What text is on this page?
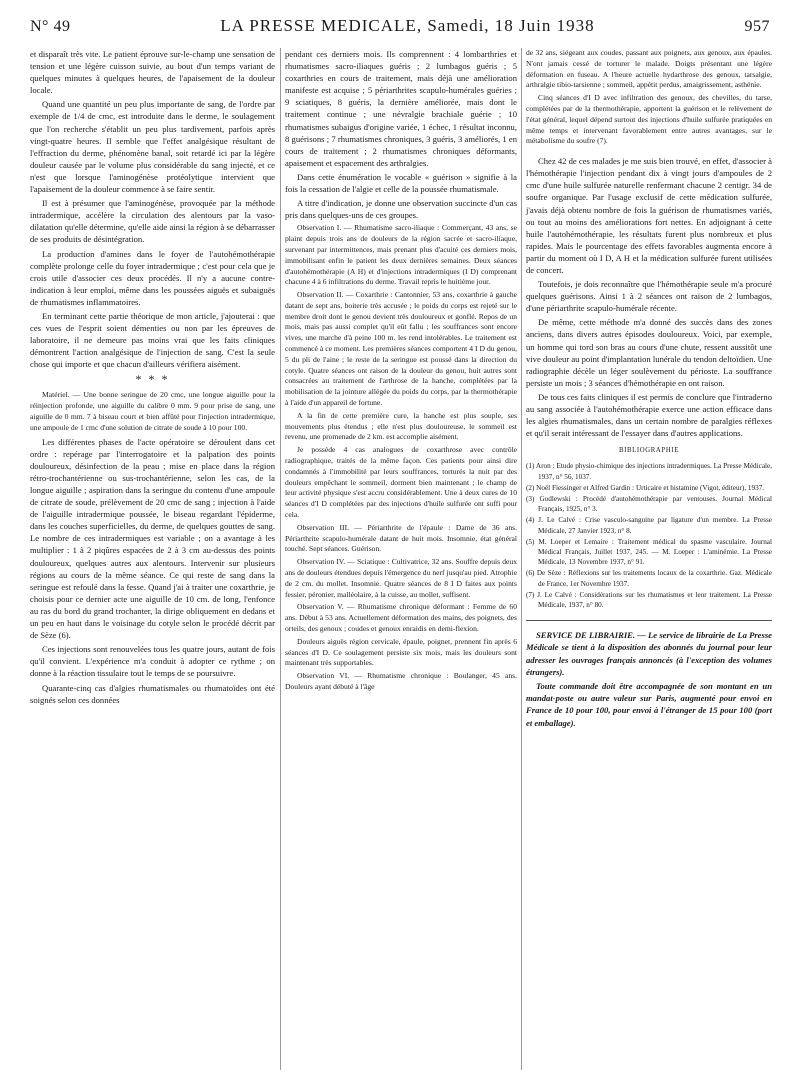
N° 49	LA PRESSE MEDICALE, Samedi, 18 Juin 1938	957

et disparaît très vite. Le patient éprouve sur-le-champ une sensation de tension et une légère cuisson suivie, au bout d'un temps variant de quelques minutes à quelques heures, de l'apaisement de la douleur locale.

Quand une quantité un peu plus importante de sang, de l'ordre par exemple de 1/4 de cmc, est introduite dans le derme, le soulagement que l'on recherche s'établit un peu plus tardivement, parfois après vingt-quatre heures. Il semble que l'effet analgésique résultant de l'effraction du derme, phénomène banal, soit retardé ici par la légère douleur causée par le volume plus considérable du sang injecté, et ce n'est que lorsque l'aminogénèse protéolytique intervient que l'apaisement de la douleur commence à se faire sentir.

Il est à présumer que l'aminogénèse, provoquée par la méthode intradermique, accélère la circulation des alentours par la vaso-dilatation qu'elle détermine, qu'elle aide ainsi la région à se débarrasser de ses produits de désintégration.

La production d'amines dans le foyer de l'autohémothérapie complète prolonge celle du foyer intradermique ; c'est pour cela que je crois utile d'associer ces deux procédés. Il n'y a aucune contre-indication à leur emploi, même dans les poussées aiguës et subaiguës de rhumatismes inflammatoires.

En terminant cette partie théorique de mon article, j'ajouterai : que ces vues de l'esprit soient démenties ou non par les épreuves de laboratoire, il ne demeure pas moins vrai que les faits cliniques démontrent l'action analgésique de l'injection de sang. C'est la seule chose qui importe et que chacun d'ailleurs vérifiera aisément.

* * *

Matériel. — Une bonne seringue de 20 cmc, une longue aiguille pour la réinjection profonde, une aiguille du calibre 0 mm. 9 pour prise de sang, une aiguille de 0 mm. 7 à biseau court et bien affûté pour l'injection intradermique, une ampoule de 1 cmc d'une solution de citrate de soude à 10 pour 100.

Les différentes phases de l'acte opératoire se déroulent dans cet ordre : repérage par l'interrogatoire et la palpation des points douloureux, désinfection de la peau ; mise en place dans la région rétro-trochantérienne ou sus-trochantérienne, selon les cas, de la longue aiguille ; aspiration dans la seringue du contenu d'une ampoule de citrate de soude, prélèvement de 20 cmc de sang ; injection à l'aide de l'aiguille intradermique poussée, le biseau regardant l'épiderme, dans les couches superficielles, du derme, de quelques gouttes de sang. Le nombre de ces intradermiques est variable ; on a avantage à les multiplier : 1 à 2 piqûres espacées de 2 à 3 cm au-dessus des points douloureux, quelques autres aux alentours. Intervenir sur plusieurs régions au cours de la même séance. Ce qui reste de sang dans la seringue est refoulé dans la fesse. Quand j'ai à traiter une coxarthrie, je choisis pour ce dernier acte une aiguille de 10 cm. de long, l'enfonce au ras du bord du grand trochanter, la dirige obliquement en dedans et un peu en haut dans le voisinage du cotyle selon le procédé décrit par de Sèze (6).

Ces injections sont renouvelées tous les quatre jours, autant de fois qu'il convient. L'expérience m'a conduit à adopter ce rythme ; on donne à la réaction tissulaire tout le temps de se poursuivre.

Quarante-cinq cas d'algies rhumatismales ou rhumatoïdes ont été soignés selon ces données

pendant ces derniers mois. Ils comprennent : 4 lombarthries et rhumatismes sacro-iliaques guéris ; 2 lumbagos guéris ; 5 coxarthries en cours de traitement, mais déjà une amélioration manifeste est acquise ; 5 périarthrites scapulo-humérales guéries ; 9 sciatiques, 8 guéris, la dernière améliorée, mais dont le traitement continue ; une névralgie brachiale guérie ; 10 rhumatismes subaigus d'origine variée, 1 échec, 1 résultat inconnu, 8 guérisons ; 7 rhumatismes chroniques, 3 guéris, 3 améliorés, 1 en cours de traitement ; 2 rhumatismes chroniques déformants, apaisement et espacement des arthralgies.

Dans cette énumération le vocable « guérison » signifie à la fois la cessation de l'algie et celle de la poussée rhumatismale.

A titre d'indication, je donne une observation succincte d'un cas pris dans quelques-uns de ces groupes.

Observation I. — Rhumatisme sacro-iliaque : Commerçant, 43 ans, se plaint depuis trois ans de douleurs de la région sacrée et sacro-iliaque, survenant par intermittences, mais prenant plus d'acuité ces derniers mois, immobilisant enfin le patient les deux dernières semaines. Deux séances d'autohémothérapie (A H) et d'injections intradermiques (I D) comprenant chacune 4 à 6 infiltrations du derme. Travail repris le huitième jour.

Observation II. — Coxarthrie : Cantonnier, 53 ans, coxarthrie à gauche datant de sept ans, boiterie très accusée ; le poids du corps est rejeté sur le membre droit dont le genou devient très douloureux et gonflé. Repos de un mois, mais pas aussi complet qu'il eût fallu ; les souffrances sont encore vives, une marche d'à peine 100 m. les rend intolérables. Le traitement est commencé à ce moment. Les premières séances comportent 4 I D du genou, 5 du pli de l'aine ; le reste de la seringue est poussé dans la direction du cotyle. Quatre séances ont raison de la douleur du genou, huit autres sont consacrées au traitement de l'arthrose de la hanche, complétées par la mobilisation de la jointure allégée du poids du corps, par la thermothérapie à l'aide d'un appareil de fortune.

A la fin de cette première cure, la hanche est plus souple, ses mouvements plus étendus ; elle n'est plus douloureuse, le sommeil est revenu, une promenade de 2 km. est accomplie aisément.

Je possède 4 cas analogues de coxarthrose avec contrôle radiographique, traités de la même façon. Ces patients pour ainsi dire condamnés à l'immobilité par leurs souffrances, torturés la nuit par des douleurs empêchant le sommeil, dorment bien maintenant ; le champ de leur activité physique s'est accru considérablement. Une à deux cures de 10 séances d'I D complétées par des injections d'huile sulfurée ont suffi pour cela.

Observation III. — Périarthrite de l'épaule : Dame de 36 ans. Périarthrite scapulo-humérale datant de huit mois. Insomnie, état général touché. Sept séances. Guérison.

Observation IV. — Sciatique : Cultivatrice, 32 ans. Souffre depuis deux ans de douleurs étendues depuis l'émergence du nerf jusqu'au pied. Atrophie de 2 cm. du mollet. Insomnie. Quatre séances de 8 I D faites aux points fessier, péronier, malléolaire, à la cuisse, au mollet, suffisent.

Observation V. — Rhumatisme chronique déformant : Femme de 60 ans. Début à 53 ans. Actuellement déformation des mains, des poignets, des orteils, des genoux ; coudes et genoux enraidis en demi-flexion.

Douleurs aiguës région cervicale, épaule, poignet, prennent fin après 6 séances d'I D. Ce soulagement persiste six mois, mais les douleurs sont maintenant très supportables.

Observation VI. — Rhumatisme chronique : Boulanger, 45 ans. Douleurs ayant débuté à l'âge

de 32 ans, siégeant aux coudes, passant aux poignets, aux genoux, aux épaules. N'ont jamais cessé de torturer le malade. Doigts présentant une légère déformation en fuseau. A l'heure actuelle hydarthrose des genoux, tarsalgie, arthralgie tibio-tarsienne ; sommeil, appétit perdus, amaigrissement, asthénie.

Cinq séances d'I D avec infiltration des genoux, des chevilles, du tarse, complétées par de la thermothérapie, apportent la guérison et le relèvement de l'état général, lequel dépend surtout des injections d'huile sulfurée pratiquées en même temps et intervenant favorablement entre autres avantages, sur le métabolisme du soufre (7).

Chez 42 de ces malades je me suis bien trouvé, en effet, d'associer à l'hémothérapie l'injection pendant dix à vingt jours d'ampoules de 2 cmc d'une huile sulfurée naturelle renfermant chacune 2 centigr. 34 de soufre organique. Par l'usage exclusif de cette médication sulfurée, j'avais déjà obtenu nombre de fois la guérison de rhumatismes variés, ou tout au moins des améliorations fort nettes. En adjoignant à cette huile l'autohémothérapie, les résultats furent plus nombreux et plus rapides. Mais le pourcentage des effets favorables augmenta encore à partir du moment où I D, A H et la médication sulfurée furent utilisées de concert.

Toutefois, je dois reconnaître que l'hémothérapie seule m'a procuré quelques guérisons. Ainsi 1 à 2 séances ont raison de 2 lumbagos, d'une périarthrite scapulo-humérale récente.

De même, cette méthode m'a donné des succès dans des zones anciens, dans divers autres épisodes douloureux. Voici, par exemple, un homme qui tord son bras au cours d'une chute, ressent aussitôt une vive douleur au point d'implantation lunérale du tendon deltoïdien. Une radiographie décèle un léger soulèvement du périoste. La souffrance persiste un mois ; 3 séances d'hémothérapie en ont raison.

De tous ces faits cliniques il est permis de conclure que l'intraderno au sang associée à l'autohémothérapie exerce une action efficace dans les algies rhumatismales, dans un certain nombre de paralgies réflexes et qu'il serait intéressant de l'essayer dans d'autres applications.

BIBLIOGRAPHIE
(1) Aron : Etude physio-chimique des injections intradermiques. La Presse Médicale, 1937, n° 56, 1037.
(2) Noël Fiessinger et Alfred Gardin : Urticaire et histamine (Vigot, éditeur), 1937.
(3) Godlewski : Procédé d'autohémothérapie par ventouses. Journal Médical Français, 1925, n° 3.
(4) J. Le Calvé : Crise vasculo-sanguine par ligature d'un membre. La Presse Médicale, 27 Janvier 1923, n° 8.
(5) M. Loeper et Lemaire : Traitement médical du spasme vasculaire. Journal Médical Français, Juillet 1937, 245. — M. Loeper : L'aminémie. La Presse Médicale, 13 Novembre 1937, n° 91.
(6) De Sèze : Réflexions sur les traitements locaux de la coxarthrie. Gaz. Médicale de France, 1er Novembre 1937.
(7) J. Le Calvé : Considérations sur les rhumatismes et leur traitement. La Presse Médicale, 1937, n° 80.

SERVICE DE LIBRAIRIE. — Le service de librairie de La Presse Médicale se tient à la disposition des abonnés du journal pour leur adresser les ouvrages français annoncés (à l'exception des volumes étrangers).

Toute commande doit être accompagnée de son montant en un mandat-poste ou autre valeur sur Paris, augmenté pour envoi en France de 10 pour 100, pour envoi à l'étranger de 15 pour 100 (port et emballage).
